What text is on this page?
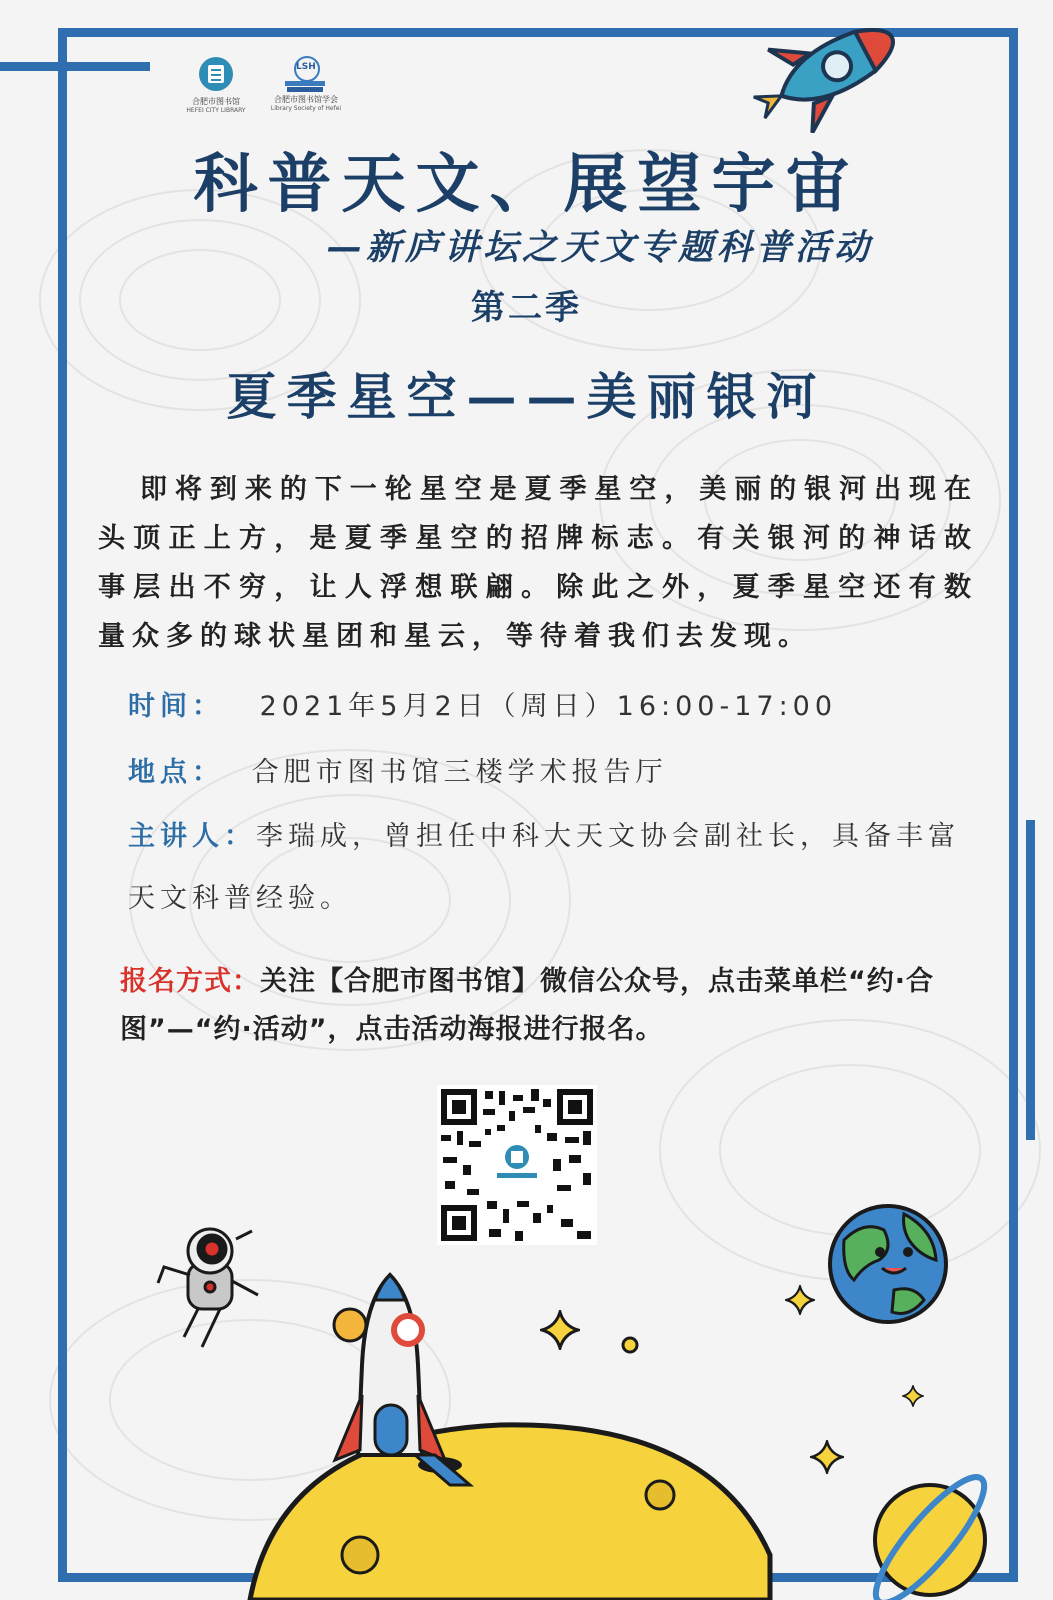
合肥市图书馆
HEFEI CITY LIBRARY
LSH
合肥市图书馆学会
Library Society of Hefei
科普天文、展望宇宙
—新庐讲坛之天文专题科普活动
第二季
夏季星空——美丽银河
即将到来的下一轮星空是夏季星空，美丽的银河出现在头顶正上方，是夏季星空的招牌标志。有关银河的神话故事层出不穷，让人浮想联翩。除此之外，夏季星空还有数量众多的球状星团和星云，等待着我们去发现。
时间： 2021年5月2日（周日）16:00-17:00
地点： 合肥市图书馆三楼学术报告厅
主讲人：李瑞成，曾担任中科大天文协会副社长，具备丰富天文科普经验。
报名方式：关注【合肥市图书馆】微信公众号，点击菜单栏“约·合图”—“约·活动”，点击活动海报进行报名。
